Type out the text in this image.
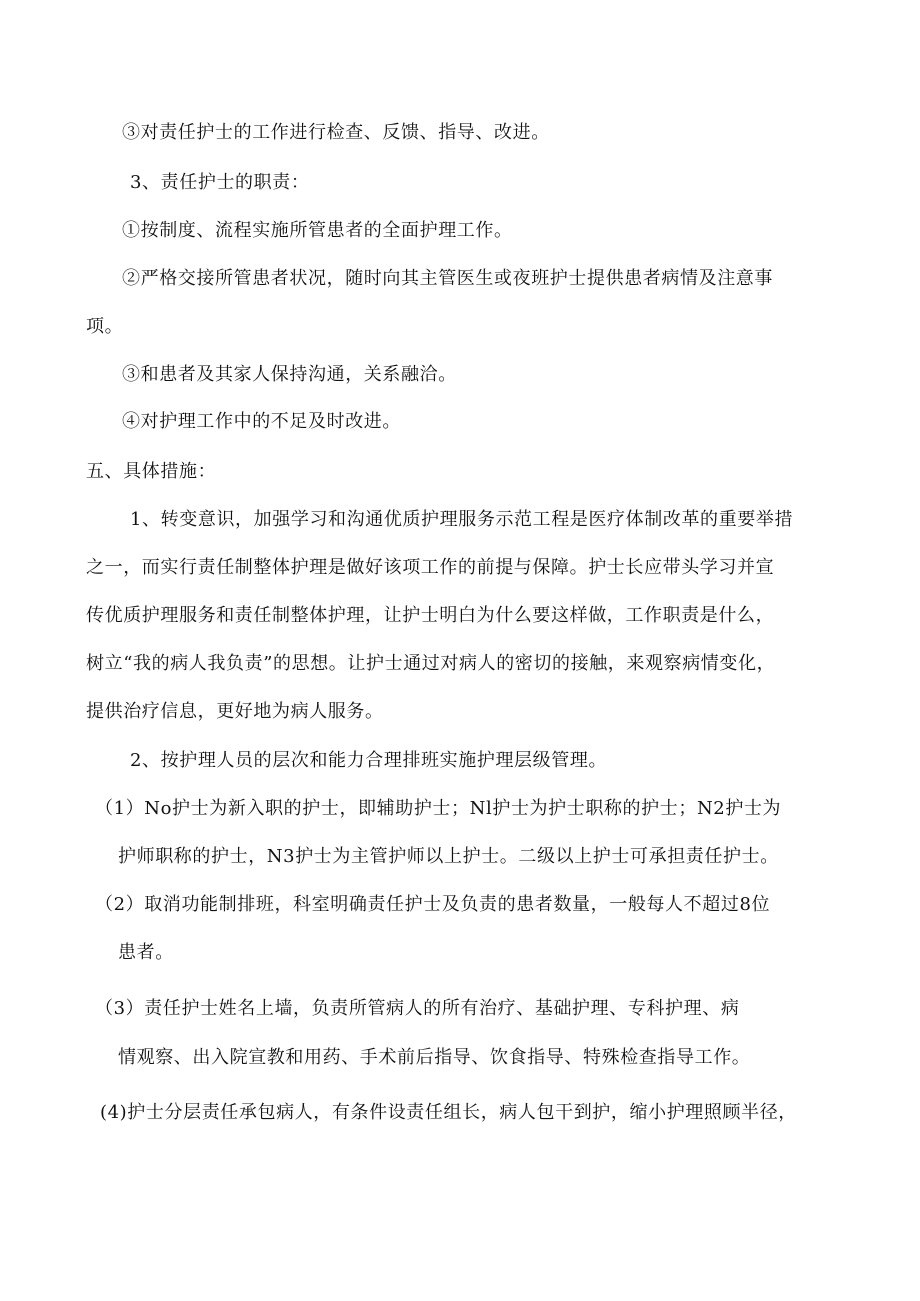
③对责任护士的工作进行检查、反馈、指导、改进。
3、责任护士的职责：
①按制度、流程实施所管患者的全面护理工作。
②严格交接所管患者状况，随时向其主管医生或夜班护士提供患者病情及注意事
项。
③和患者及其家人保持沟通，关系融洽。
④对护理工作中的不足及时改进。
五、具体措施：
1、转变意识，加强学习和沟通优质护理服务示范工程是医疗体制改革的重要举措
之一，而实行责任制整体护理是做好该项工作的前提与保障。护士长应带头学习并宣
传优质护理服务和责任制整体护理，让护士明白为什么要这样做，工作职责是什么，
树立“我的病人我负责”的思想。让护士通过对病人的密切的接触，来观察病情变化，
提供治疗信息，更好地为病人服务。
2、按护理人员的层次和能力合理排班实施护理层级管理。
（1）No护士为新入职的护士，即辅助护士；Nl护士为护士职称的护士；N2护士为
护师职称的护士，N3护士为主管护师以上护士。二级以上护士可承担责任护士。
（2）取消功能制排班，科室明确责任护士及负责的患者数量，一般每人不超过8位
患者。
（3）责任护士姓名上墙，负责所管病人的所有治疗、基础护理、专科护理、病
情观察、出入院宣教和用药、手术前后指导、饮食指导、特殊检查指导工作。
(4)护士分层责任承包病人，有条件设责任组长，病人包干到护，缩小护理照顾半径，
